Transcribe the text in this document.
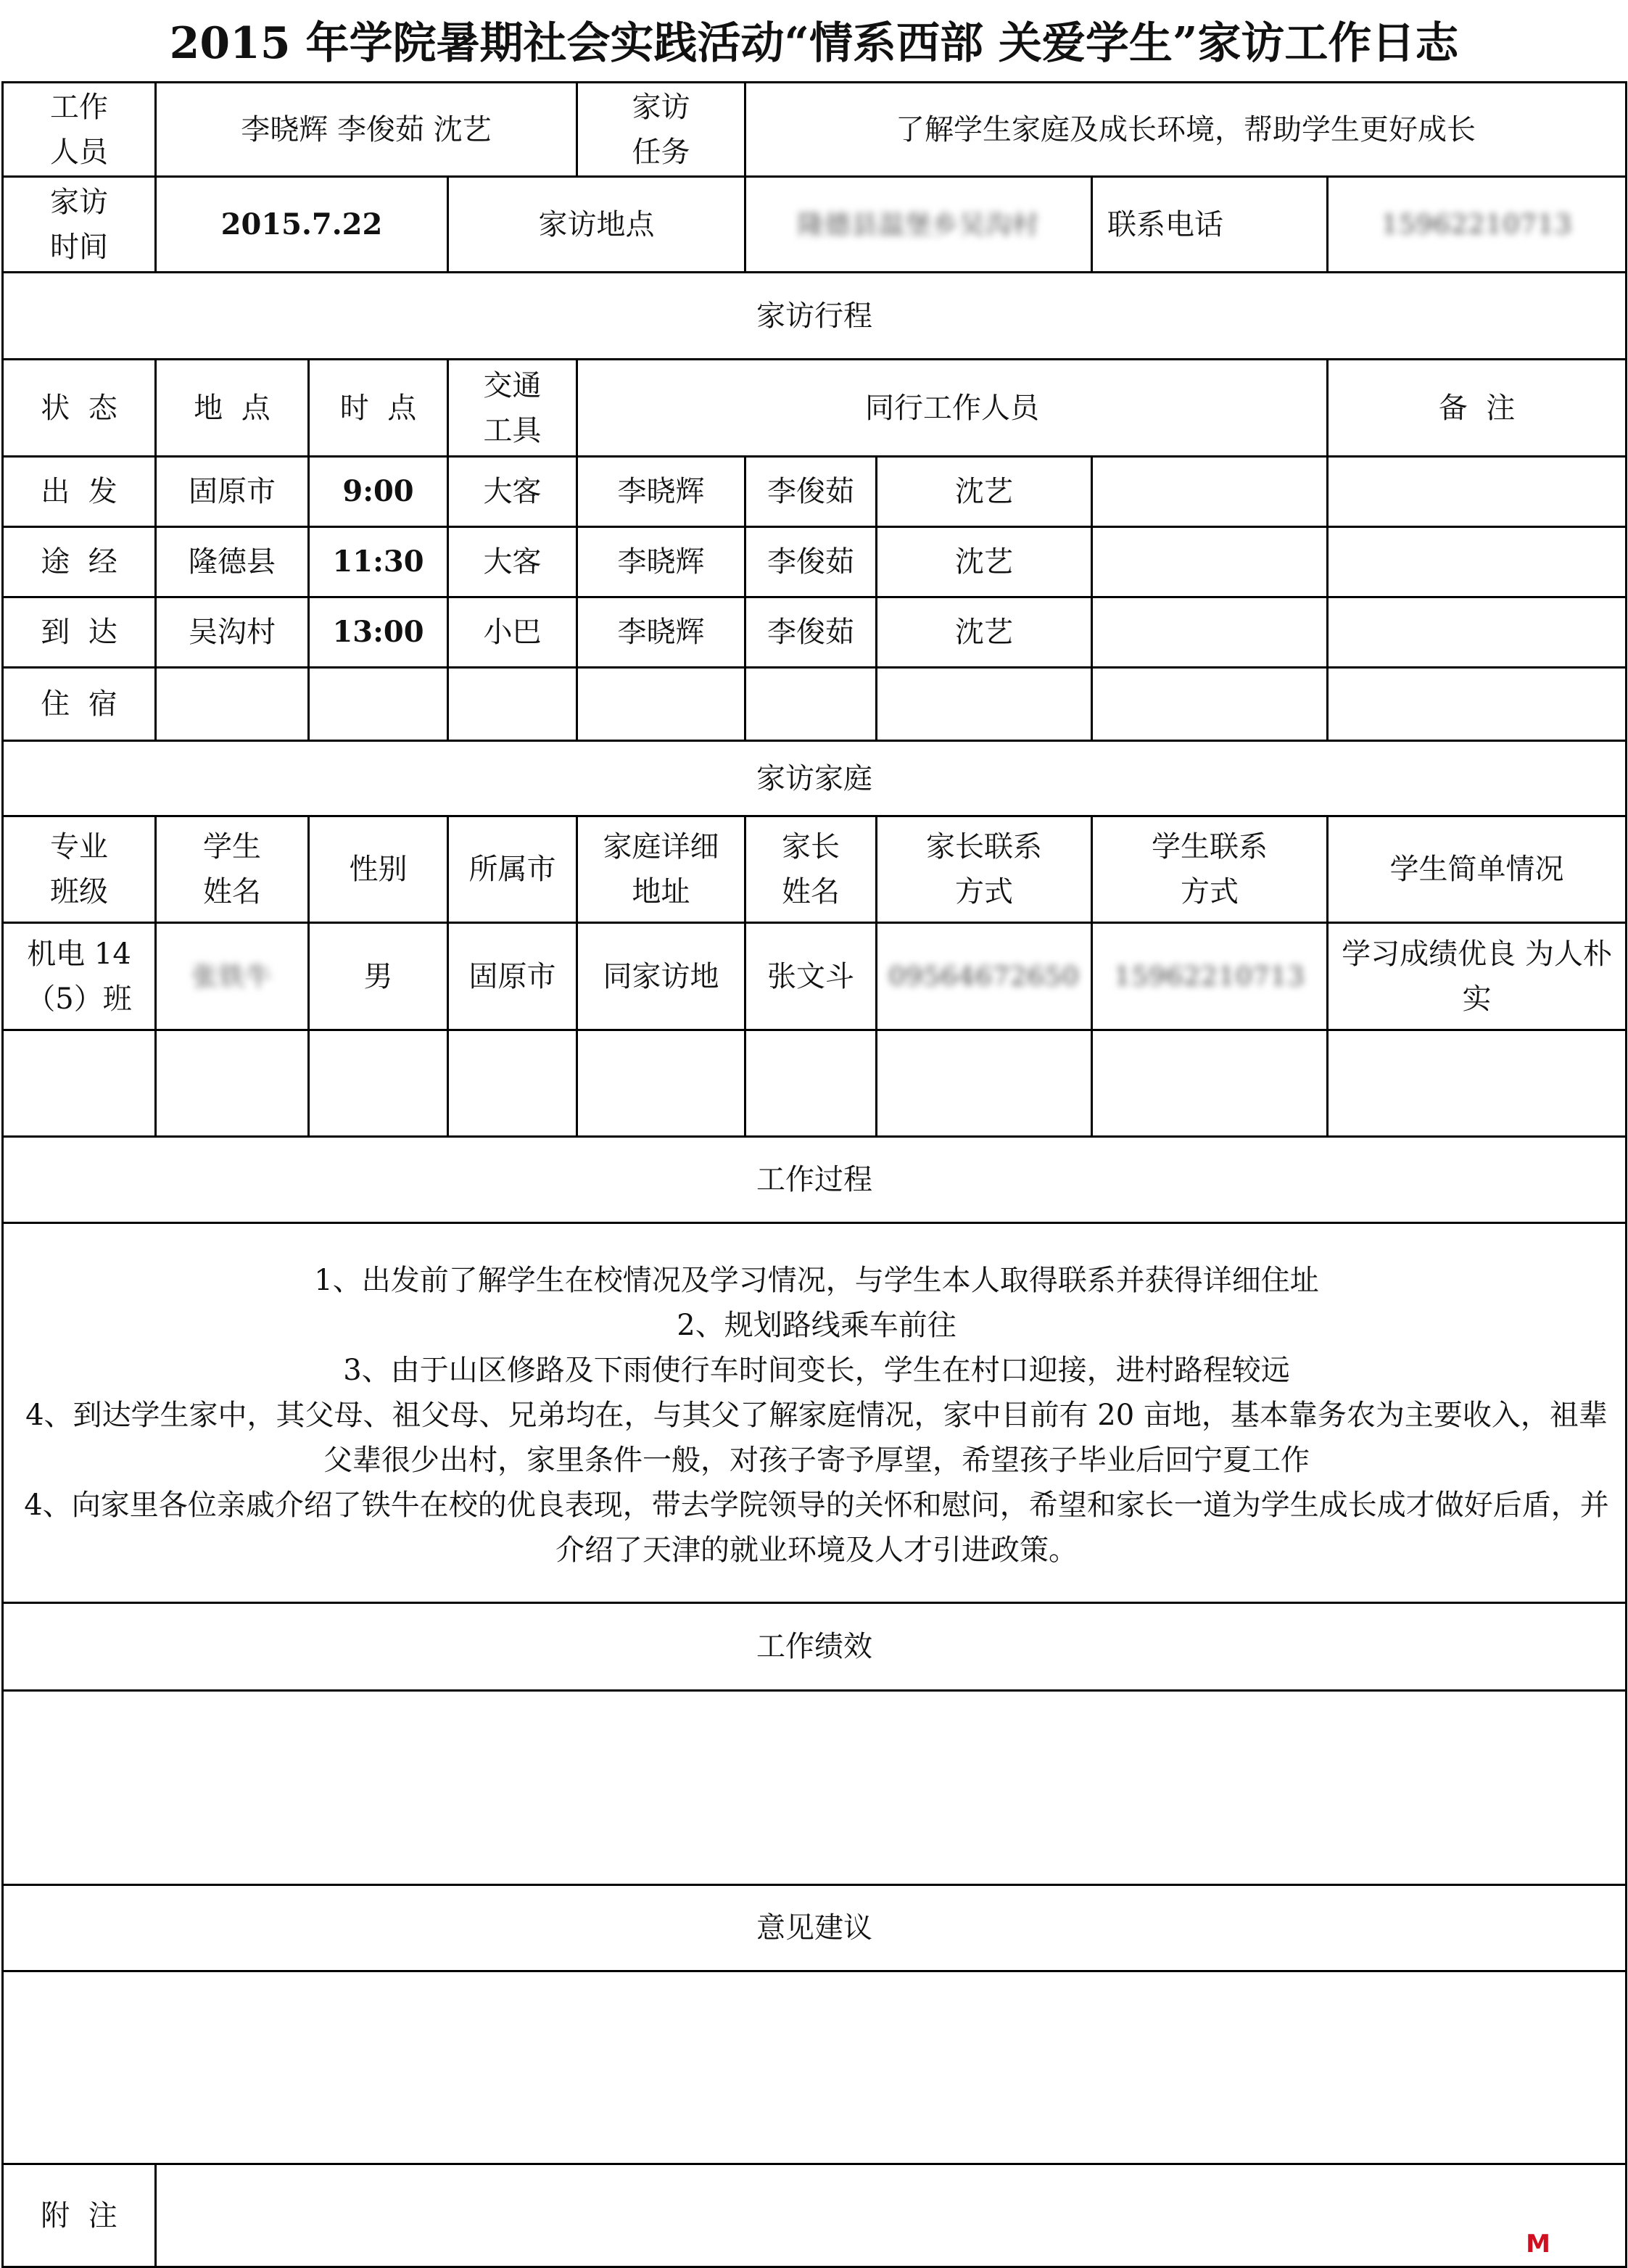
2015 年学院暑期社会实践活动“情系西部 关爱学生”家访工作日志
工作人员	李晓辉 李俊茹 沈艺			家访任务	了解学生家庭及成长环境，帮助学生更好成长			

家访时间	2015.7.22		家访地点		隆德县温堡乡吴沟村		联系电话	15962210713
家访行程								
状  态	地  点	时  点	交通工具	同行工作人员				备  注
出  发	固原市	9:00	大客	李晓辉	李俊茹	沈艺		
途  经	隆德县	11:30	大客	李晓辉	李俊茹	沈艺		
到  达	吴沟村	13:00	小巴	李晓辉	李俊茹	沈艺		
住  宿								
家访家庭								

专业班级	学生姓名	性别	所属市	家庭详细地址	家长姓名	家长联系方式	学生联系方式	学生简单情况

机电 14（5）班	张铁牛	男	固原市	同家访地	张文斗	09564672650	15962210713	学习成绩优良 为人朴实

工作过程								

1、出发前了解学生在校情况及学习情况，与学生本人取得联系并获得详细住址
2、规划路线乘车前往
3、由于山区修路及下雨使行车时间变长，学生在村口迎接，进村路程较远
4、到达学生家中，其父母、祖父母、兄弟均在，与其父了解家庭情况，家中目前有 20 亩地，基本靠务农为主要收入，祖辈父辈很少出村，家里条件一般，对孩子寄予厚望，希望孩子毕业后回宁夏工作
4、向家里各位亲戚介绍了铁牛在校的优良表现，带去学院领导的关怀和慰问，希望和家长一道为学生成长成才做好后盾，并介绍了天津的就业环境及人才引进政策。								

工作绩效								

意见建议								

附  注								
M
